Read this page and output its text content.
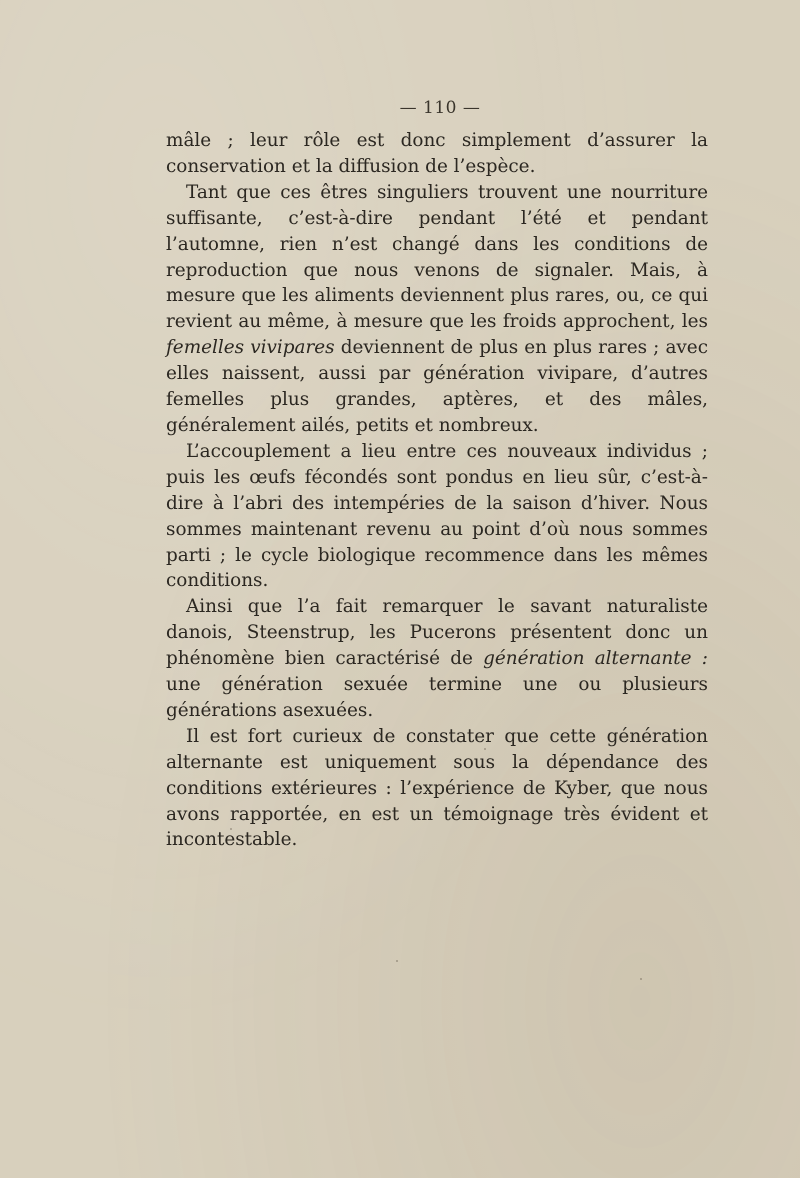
— 110 —

mâle ; leur rôle est donc simplement d’assurer la conservation et la diffusion de l’espèce.

Tant que ces êtres singuliers trouvent une nourriture suffisante, c’est-à-dire pendant l’été et pendant l’automne, rien n’est changé dans les conditions de reproduction que nous venons de signaler. Mais, à mesure que les aliments deviennent plus rares, ou, ce qui revient au même, à mesure que les froids approchent, les femelles vivipares deviennent de plus en plus rares ; avec elles naissent, aussi par génération vivipare, d’autres femelles plus grandes, aptères, et des mâles, généralement ailés, petits et nombreux.

L’accouplement a lieu entre ces nouveaux individus ; puis les œufs fécondés sont pondus en lieu sûr, c’est-à-dire à l’abri des intempéries de la saison d’hiver. Nous sommes maintenant revenu au point d’où nous sommes parti ; le cycle biologique recommence dans les mêmes conditions.

Ainsi que l’a fait remarquer le savant naturaliste danois, Steenstrup, les Pucerons présentent donc un phénomène bien caractérisé de génération alternante : une génération sexuée termine une ou plusieurs générations asexuées.

Il est fort curieux de constater que cette génération alternante est uniquement sous la dépendance des conditions extérieures : l’expérience de Kyber, que nous avons rapportée, en est un témoignage très évident et incontestable.
